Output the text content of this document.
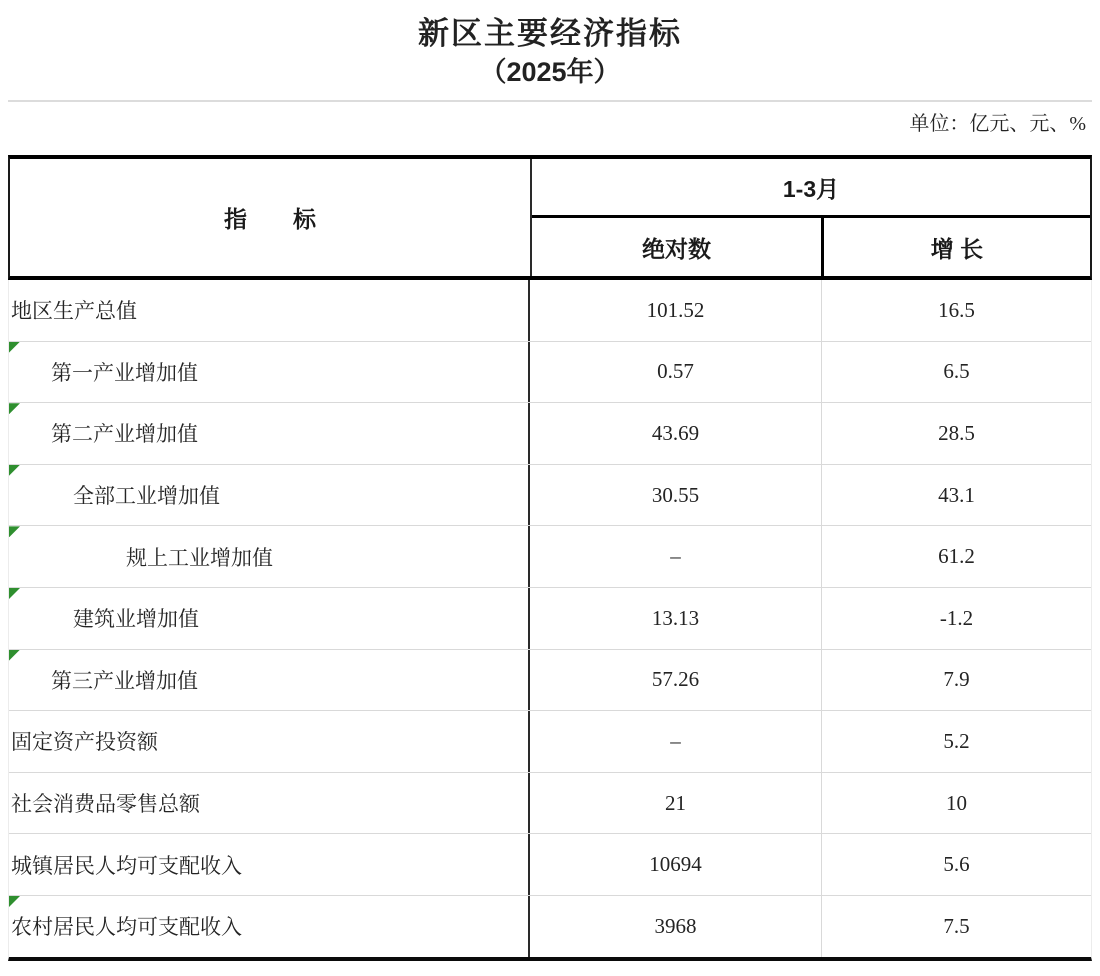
新区主要经济指标
（2025年）
单位：亿元、元、%
指　　标
1-3月
绝对数	增 长
地区生产总值	101.52	16.5
第一产业增加值	0.57	6.5
第二产业增加值	43.69	28.5
全部工业增加值	30.55	43.1
规上工业增加值	–	61.2
建筑业增加值	13.13	-1.2
第三产业增加值	57.26	7.9
固定资产投资额	–	5.2
社会消费品零售总额	21	10
城镇居民人均可支配收入	10694	5.6
农村居民人均可支配收入	3968	7.5
